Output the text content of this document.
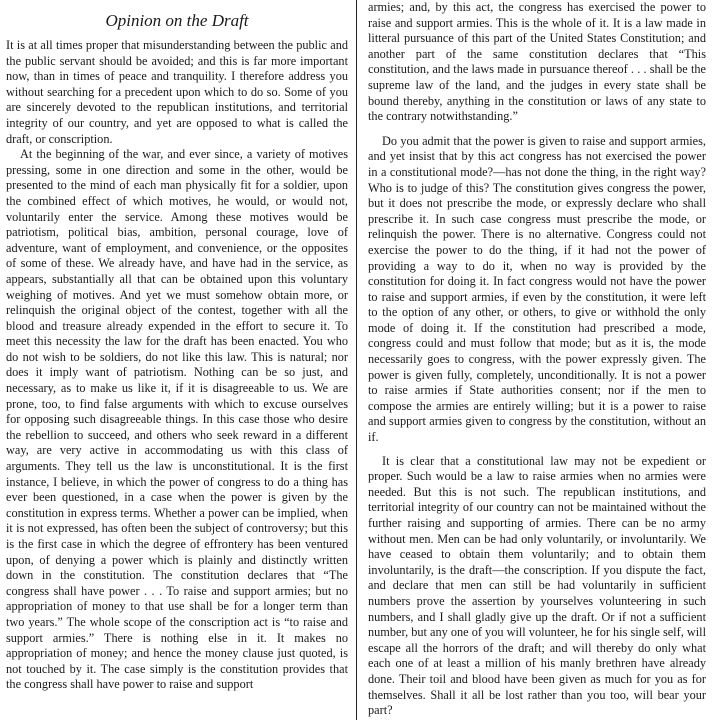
Opinion on the Draft

It is at all times proper that misunderstanding between the public and the public servant should be avoided; and this is far more important now, than in times of peace and tranquility. I therefore address you without searching for a precedent upon which to do so. Some of you are sincerely devoted to the republican institutions, and territorial integrity of our country, and yet are opposed to what is called the draft, or conscription.

At the beginning of the war, and ever since, a variety of motives pressing, some in one direction and some in the other, would be presented to the mind of each man physically fit for a soldier, upon the combined effect of which motives, he would, or would not, voluntarily enter the service. Among these motives would be patriotism, political bias, ambition, personal courage, love of adventure, want of employment, and convenience, or the opposites of some of these. We already have, and have had in the service, as appears, substantially all that can be obtained upon this voluntary weighing of motives. And yet we must somehow obtain more, or relinquish the original object of the contest, together with all the blood and treasure already expended in the effort to secure it. To meet this necessity the law for the draft has been enacted. You who do not wish to be soldiers, do not like this law. This is natural; nor does it imply want of patriotism. Nothing can be so just, and necessary, as to make us like it, if it is disagreeable to us. We are prone, too, to find false arguments with which to excuse ourselves for opposing such disagreeable things. In this case those who desire the rebellion to succeed, and others who seek reward in a different way, are very active in accommodating us with this class of arguments. They tell us the law is unconstitutional. It is the first instance, I believe, in which the power of congress to do a thing has ever been questioned, in a case when the power is given by the constitution in express terms. Whether a power can be implied, when it is not expressed, has often been the subject of controversy; but this is the first case in which the degree of effrontery has been ventured upon, of denying a power which is plainly and distinctly written down in the constitution. The constitution declares that “The congress shall have power . . . To raise and support armies; but no appropriation of money to that use shall be for a longer term than two years.” The whole scope of the conscription act is “to raise and support armies.” There is nothing else in it. It makes no appropriation of money; and hence the money clause just quoted, is not touched by it. The case simply is the constitution provides that the congress shall have power to raise and support

armies; and, by this act, the congress has exercised the power to raise and support armies. This is the whole of it. It is a law made in litteral pursuance of this part of the United States Constitution; and another part of the same constitution declares that “This constitution, and the laws made in pursuance thereof . . . shall be the supreme law of the land, and the judges in every state shall be bound thereby, anything in the constitution or laws of any state to the contrary notwithstanding.”

Do you admit that the power is given to raise and support armies, and yet insist that by this act congress has not exercised the power in a constitutional mode?—has not done the thing, in the right way? Who is to judge of this? The constitution gives congress the power, but it does not prescribe the mode, or expressly declare who shall prescribe it. In such case congress must prescribe the mode, or relinquish the power. There is no alternative. Congress could not exercise the power to do the thing, if it had not the power of providing a way to do it, when no way is provided by the constitution for doing it. In fact congress would not have the power to raise and support armies, if even by the constitution, it were left to the option of any other, or others, to give or withhold the only mode of doing it. If the constitution had prescribed a mode, congress could and must follow that mode; but as it is, the mode necessarily goes to congress, with the power expressly given. The power is given fully, completely, unconditionally. It is not a power to raise armies if State authorities consent; nor if the men to compose the armies are entirely willing; but it is a power to raise and support armies given to congress by the constitution, without an if.

It is clear that a constitutional law may not be expedient or proper. Such would be a law to raise armies when no armies were needed. But this is not such. The republican institutions, and territorial integrity of our country can not be maintained without the further raising and supporting of armies. There can be no army without men. Men can be had only voluntarily, or involuntarily. We have ceased to obtain them voluntarily; and to obtain them involuntarily, is the draft—the conscription. If you dispute the fact, and declare that men can still be had voluntarily in sufficient numbers prove the assertion by yourselves volunteering in such numbers, and I shall gladly give up the draft. Or if not a sufficient number, but any one of you will volunteer, he for his single self, will escape all the horrors of the draft; and will thereby do only what each one of at least a million of his manly brethren have already done. Their toil and blood have been given as much for you as for themselves. Shall it all be lost rather than you too, will bear your part?
